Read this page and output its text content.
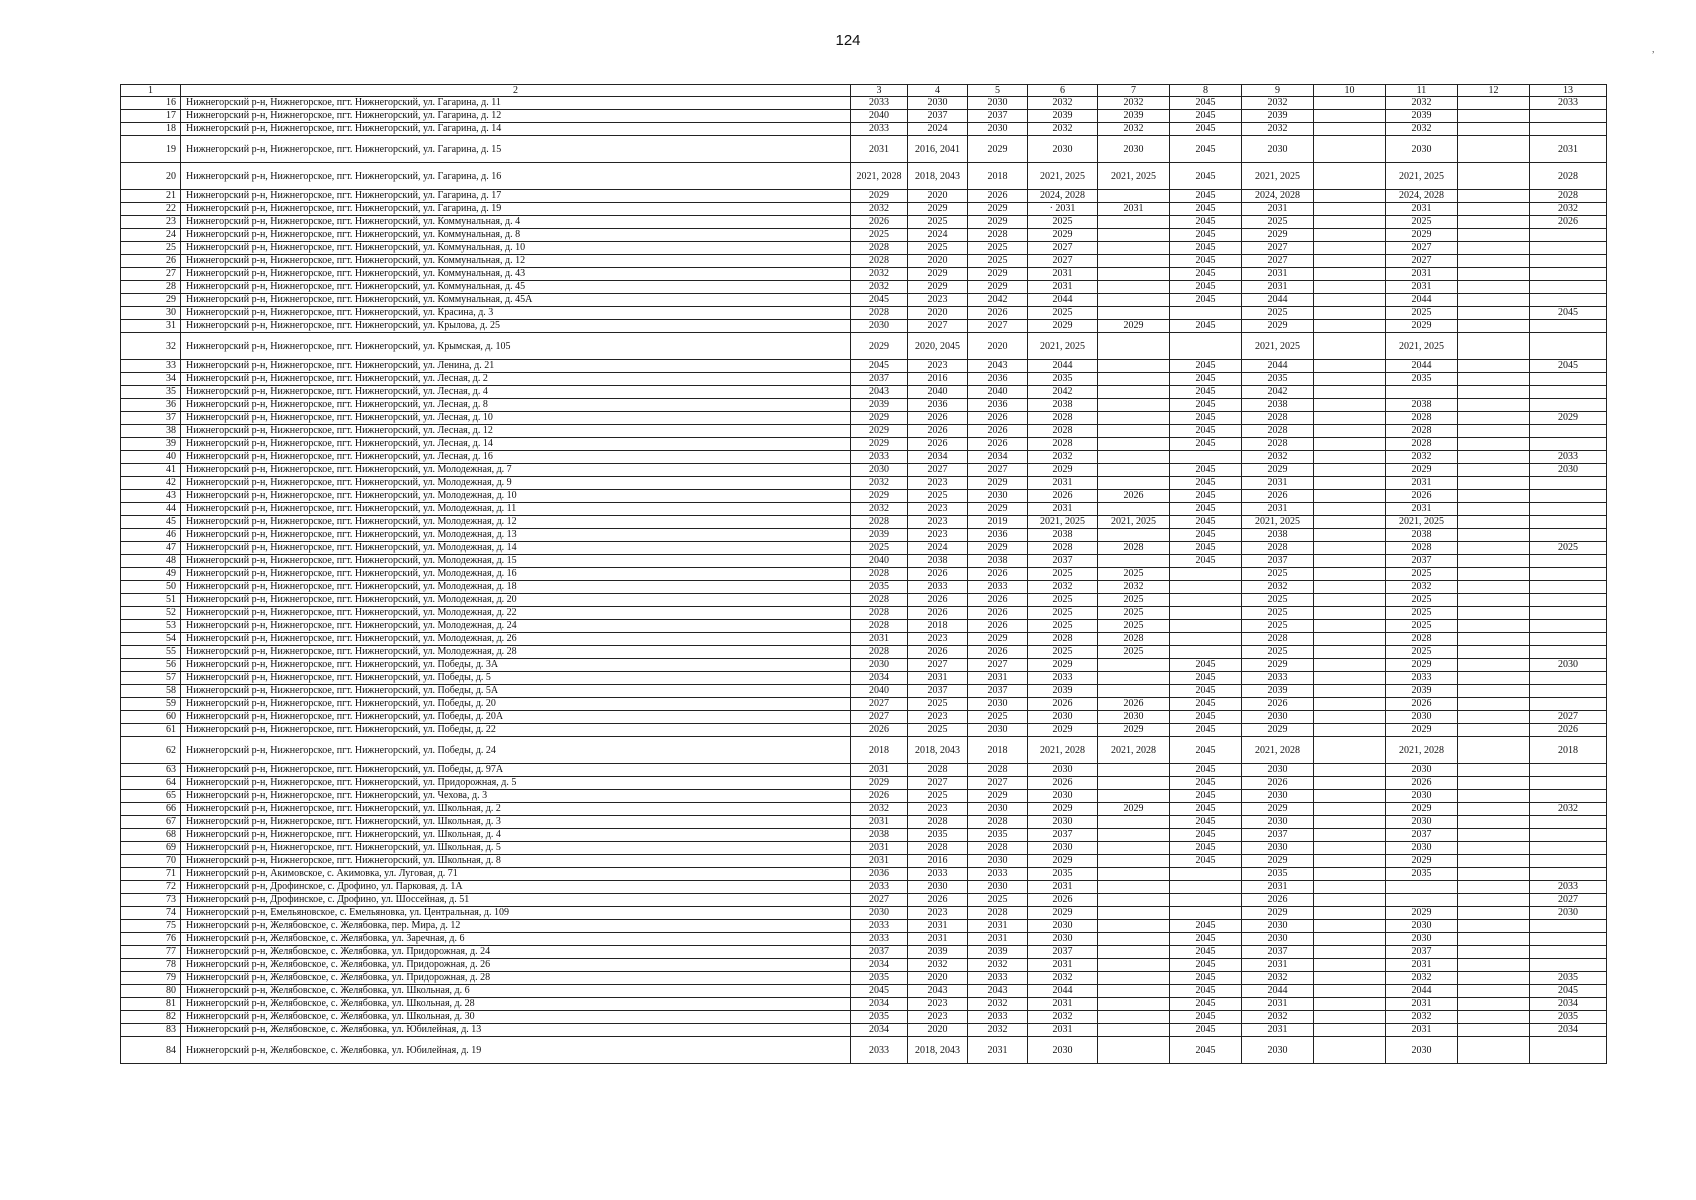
124
,
1	2	3	4	5	6	7	8	9	10	11	12	13
16	Нижнегорский р-н, Нижнегорское, пгт. Нижнегорский, ул. Гагарина, д. 11	2033	2030	2030	2032	2032	2045	2032		2032		2033
17	Нижнегорский р-н, Нижнегорское, пгт. Нижнегорский, ул. Гагарина, д. 12	2040	2037	2037	2039	2039	2045	2039		2039		
18	Нижнегорский р-н, Нижнегорское, пгт. Нижнегорский, ул. Гагарина, д. 14	2033	2024	2030	2032	2032	2045	2032		2032		
19	Нижнегорский р-н, Нижнегорское, пгт. Нижнегорский, ул. Гагарина, д. 15	2031	2016, 2041	2029	2030	2030	2045	2030		2030		2031
20	Нижнегорский р-н, Нижнегорское, пгт. Нижнегорский, ул. Гагарина, д. 16	2021, 2028	2018, 2043	2018	2021, 2025	2021, 2025	2045	2021, 2025		2021, 2025		2028
21	Нижнегорский р-н, Нижнегорское, пгт. Нижнегорский, ул. Гагарина, д. 17	2029	2020	2026	2024, 2028		2045	2024, 2028		2024, 2028		2028
22	Нижнегорский р-н, Нижнегорское, пгт. Нижнегорский, ул. Гагарина, д. 19	2032	2029	2029	· 2031	2031	2045	2031		2031		2032
23	Нижнегорский р-н, Нижнегорское, пгт. Нижнегорский, ул. Коммунальная, д. 4	2026	2025	2029	2025		2045	2025		2025		2026
24	Нижнегорский р-н, Нижнегорское, пгт. Нижнегорский, ул. Коммунальная, д. 8	2025	2024	2028	2029		2045	2029		2029		
25	Нижнегорский р-н, Нижнегорское, пгт. Нижнегорский, ул. Коммунальная, д. 10	2028	2025	2025	2027		2045	2027		2027		
26	Нижнегорский р-н, Нижнегорское, пгт. Нижнегорский, ул. Коммунальная, д. 12	2028	2020	2025	2027		2045	2027		2027		
27	Нижнегорский р-н, Нижнегорское, пгт. Нижнегорский, ул. Коммунальная, д. 43	2032	2029	2029	2031		2045	2031		2031		
28	Нижнегорский р-н, Нижнегорское, пгт. Нижнегорский, ул. Коммунальная, д. 45	2032	2029	2029	2031		2045	2031		2031		
29	Нижнегорский р-н, Нижнегорское, пгт. Нижнегорский, ул. Коммунальная, д. 45А	2045	2023	2042	2044		2045	2044		2044		
30	Нижнегорский р-н, Нижнегорское, пгт. Нижнегорский, ул. Красина, д. 3	2028	2020	2026	2025			2025		2025		2045
31	Нижнегорский р-н, Нижнегорское, пгт. Нижнегорский, ул. Крылова, д. 25	2030	2027	2027	2029	2029	2045	2029		2029		
32	Нижнегорский р-н, Нижнегорское, пгт. Нижнегорский, ул. Крымская, д. 105	2029	2020, 2045	2020	2021, 2025			2021, 2025		2021, 2025		
33	Нижнегорский р-н, Нижнегорское, пгт. Нижнегорский, ул. Ленина, д. 21	2045	2023	2043	2044		2045	2044		2044		2045
34	Нижнегорский р-н, Нижнегорское, пгт. Нижнегорский, ул. Лесная, д. 2	2037	2016	2036	2035		2045	2035		2035		
35	Нижнегорский р-н, Нижнегорское, пгт. Нижнегорский, ул. Лесная, д. 4	2043	2040	2040	2042		2045	2042				
36	Нижнегорский р-н, Нижнегорское, пгт. Нижнегорский, ул. Лесная, д. 8	2039	2036	2036	2038		2045	2038		2038		
37	Нижнегорский р-н, Нижнегорское, пгт. Нижнегорский, ул. Лесная, д. 10	2029	2026	2026	2028		2045	2028		2028		2029
38	Нижнегорский р-н, Нижнегорское, пгт. Нижнегорский, ул. Лесная, д. 12	2029	2026	2026	2028		2045	2028		2028		
39	Нижнегорский р-н, Нижнегорское, пгт. Нижнегорский, ул. Лесная, д. 14	2029	2026	2026	2028		2045	2028		2028		
40	Нижнегорский р-н, Нижнегорское, пгт. Нижнегорский, ул. Лесная, д. 16	2033	2034	2034	2032			2032		2032		2033
41	Нижнегорский р-н, Нижнегорское, пгт. Нижнегорский, ул. Молодежная, д. 7	2030	2027	2027	2029		2045	2029		2029		2030
42	Нижнегорский р-н, Нижнегорское, пгт. Нижнегорский, ул. Молодежная, д. 9	2032	2023	2029	2031		2045	2031		2031		
43	Нижнегорский р-н, Нижнегорское, пгт. Нижнегорский, ул. Молодежная, д. 10	2029	2025	2030	2026	2026	2045	2026		2026		
44	Нижнегорский р-н, Нижнегорское, пгт. Нижнегорский, ул. Молодежная, д. 11	2032	2023	2029	2031		2045	2031		2031		
45	Нижнегорский р-н, Нижнегорское, пгт. Нижнегорский, ул. Молодежная, д. 12	2028	2023	2019	2021, 2025	2021, 2025	2045	2021, 2025		2021, 2025		
46	Нижнегорский р-н, Нижнегорское, пгт. Нижнегорский, ул. Молодежная, д. 13	2039	2023	2036	2038		2045	2038		2038		
47	Нижнегорский р-н, Нижнегорское, пгт. Нижнегорский, ул. Молодежная, д. 14	2025	2024	2029	2028	2028	2045	2028		2028		2025
48	Нижнегорский р-н, Нижнегорское, пгт. Нижнегорский, ул. Молодежная, д. 15	2040	2038	2038	2037		2045	2037		2037		
49	Нижнегорский р-н, Нижнегорское, пгт. Нижнегорский, ул. Молодежная, д. 16	2028	2026	2026	2025	2025		2025		2025		
50	Нижнегорский р-н, Нижнегорское, пгт. Нижнегорский, ул. Молодежная, д. 18	2035	2033	2033	2032	2032		2032		2032		
51	Нижнегорский р-н, Нижнегорское, пгт. Нижнегорский, ул. Молодежная, д. 20	2028	2026	2026	2025	2025		2025		2025		
52	Нижнегорский р-н, Нижнегорское, пгт. Нижнегорский, ул. Молодежная, д. 22	2028	2026	2026	2025	2025		2025		2025		
53	Нижнегорский р-н, Нижнегорское, пгт. Нижнегорский, ул. Молодежная, д. 24	2028	2018	2026	2025	2025		2025		2025		
54	Нижнегорский р-н, Нижнегорское, пгт. Нижнегорский, ул. Молодежная, д. 26	2031	2023	2029	2028	2028		2028		2028		
55	Нижнегорский р-н, Нижнегорское, пгт. Нижнегорский, ул. Молодежная, д. 28	2028	2026	2026	2025	2025		2025		2025		
56	Нижнегорский р-н, Нижнегорское, пгт. Нижнегорский, ул. Победы, д. 3А	2030	2027	2027	2029		2045	2029		2029		2030
57	Нижнегорский р-н, Нижнегорское, пгт. Нижнегорский, ул. Победы, д. 5	2034	2031	2031	2033		2045	2033		2033		
58	Нижнегорский р-н, Нижнегорское, пгт. Нижнегорский, ул. Победы, д. 5А	2040	2037	2037	2039		2045	2039		2039		
59	Нижнегорский р-н, Нижнегорское, пгт. Нижнегорский, ул. Победы, д. 20	2027	2025	2030	2026	2026	2045	2026		2026		
60	Нижнегорский р-н, Нижнегорское, пгт. Нижнегорский, ул. Победы, д. 20А	2027	2023	2025	2030	2030	2045	2030		2030		2027
61	Нижнегорский р-н, Нижнегорское, пгт. Нижнегорский, ул. Победы, д. 22	2026	2025	2030	2029	2029	2045	2029		2029		2026
62	Нижнегорский р-н, Нижнегорское, пгт. Нижнегорский, ул. Победы, д. 24	2018	2018, 2043	2018	2021, 2028	2021, 2028	2045	2021, 2028		2021, 2028		2018
63	Нижнегорский р-н, Нижнегорское, пгт. Нижнегорский, ул. Победы, д. 97А	2031	2028	2028	2030		2045	2030		2030		
64	Нижнегорский р-н, Нижнегорское, пгт. Нижнегорский, ул. Придорожная, д. 5	2029	2027	2027	2026		2045	2026		2026		
65	Нижнегорский р-н, Нижнегорское, пгт. Нижнегорский, ул. Чехова, д. 3	2026	2025	2029	2030		2045	2030		2030		
66	Нижнегорский р-н, Нижнегорское, пгт. Нижнегорский, ул. Школьная, д. 2	2032	2023	2030	2029	2029	2045	2029		2029		2032
67	Нижнегорский р-н, Нижнегорское, пгт. Нижнегорский, ул. Школьная, д. 3	2031	2028	2028	2030		2045	2030		2030		
68	Нижнегорский р-н, Нижнегорское, пгт. Нижнегорский, ул. Школьная, д. 4	2038	2035	2035	2037		2045	2037		2037		
69	Нижнегорский р-н, Нижнегорское, пгт. Нижнегорский, ул. Школьная, д. 5	2031	2028	2028	2030		2045	2030		2030		
70	Нижнегорский р-н, Нижнегорское, пгт. Нижнегорский, ул. Школьная, д. 8	2031	2016	2030	2029		2045	2029		2029		
71	Нижнегорский р-н, Акимовское, с. Акимовка, ул. Луговая, д. 71	2036	2033	2033	2035			2035		2035		
72	Нижнегорский р-н, Дрофинское, с. Дрофино, ул. Парковая, д. 1А	2033	2030	2030	2031			2031				2033
73	Нижнегорский р-н, Дрофинское, с. Дрофино, ул. Шоссейная, д. 51	2027	2026	2025	2026			2026				2027
74	Нижнегорский р-н, Емельяновское, с. Емельяновка, ул. Центральная, д. 109	2030	2023	2028	2029			2029		2029		2030
75	Нижнегорский р-н, Желябовское, с. Желябовка, пер. Мира, д. 12	2033	2031	2031	2030		2045	2030		2030		
76	Нижнегорский р-н, Желябовское, с. Желябовка, ул. Заречная, д. 6	2033	2031	2031	2030		2045	2030		2030		
77	Нижнегорский р-н, Желябовское, с. Желябовка, ул. Придорожная, д. 24	2037	2039	2039	2037		2045	2037		2037		
78	Нижнегорский р-н, Желябовское, с. Желябовка, ул. Придорожная, д. 26	2034	2032	2032	2031		2045	2031		2031		
79	Нижнегорский р-н, Желябовское, с. Желябовка, ул. Придорожная, д. 28	2035	2020	2033	2032		2045	2032		2032		2035
80	Нижнегорский р-н, Желябовское, с. Желябовка, ул. Школьная, д. 6	2045	2043	2043	2044		2045	2044		2044		2045
81	Нижнегорский р-н, Желябовское, с. Желябовка, ул. Школьная, д. 28	2034	2023	2032	2031		2045	2031		2031		2034
82	Нижнегорский р-н, Желябовское, с. Желябовка, ул. Школьная, д. 30	2035	2023	2033	2032		2045	2032		2032		2035
83	Нижнегорский р-н, Желябовское, с. Желябовка, ул. Юбилейная, д. 13	2034	2020	2032	2031		2045	2031		2031		2034
84	Нижнегорский р-н, Желябовское, с. Желябовка, ул. Юбилейная, д. 19	2033	2018, 2043	2031	2030		2045	2030		2030		
